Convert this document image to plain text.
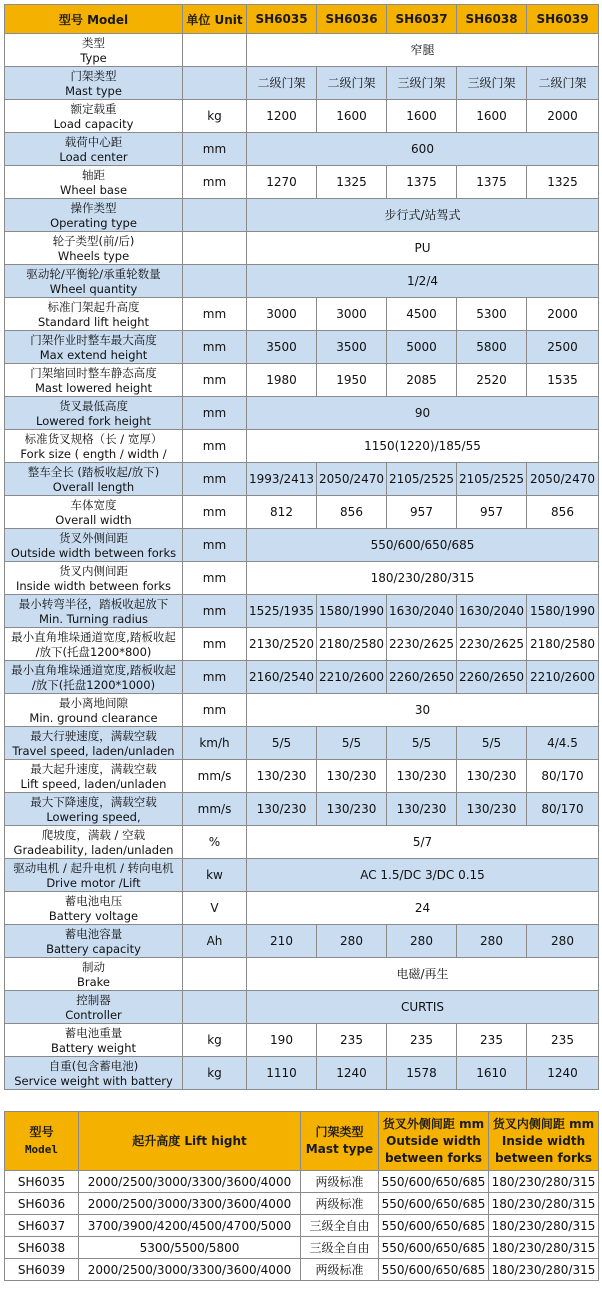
型号 Model	单位 Unit	SH6035	SH6036	SH6037	SH6038	SH6039

类型
Type		窄腿				

门架类型
Mast type		二级门架	二级门架	三级门架	三级门架	二级门架

额定载重
Load capacity	kg	1200	1600	1600	1600	2000

载荷中心距
Load center	mm	600				

轴距
Wheel base	mm	1270	1325	1375	1375	1325

操作类型
Operating type		步行式/站驾式				

轮子类型(前/后)
Wheels type		PU				

驱动轮/平衡轮/承重轮数量
Wheel quantity		1/2/4				

标准门架起升高度
Standard lift height	mm	3000	3000	4500	5300	2000

门架作业时整车最大高度
Max extend height	mm	3500	3500	5000	5800	2500

门架缩回时整车静态高度
Mast lowered height	mm	1980	1950	2085	2520	1535

货叉最低高度
Lowered fork height	mm	90				

标准货叉规格（长 / 宽厚）
Fork size ( ength / width /	mm	1150(1220)/185/55				

整车全长 (踏板收起/放下)
Overall length	mm	1993/2413	2050/2470	2105/2525	2105/2525	2050/2470

车体宽度
Overall width	mm	812	856	957	957	856

货叉外侧间距
Outside width between forks	mm	550/600/650/685				

货叉内侧间距
Inside width between forks	mm	180/230/280/315				

最小转弯半径，踏板收起放下
Min. Turning radius	mm	1525/1935	1580/1990	1630/2040	1630/2040	1580/1990

最小直角堆垛通道宽度,踏板收起
/放下(托盘1200*800)	mm	2130/2520	2180/2580	2230/2625	2230/2625	2180/2580

最小直角堆垛通道宽度,踏板收起
/放下(托盘1200*1000)	mm	2160/2540	2210/2600	2260/2650	2260/2650	2210/2600

最小离地间隙
Min. ground clearance	mm	30				

最大行驶速度，满载空载
Travel speed, laden/unladen	km/h	5/5	5/5	5/5	5/5	4/4.5

最大起升速度，满载空载
Lift speed, laden/unladen	mm/s	130/230	130/230	130/230	130/230	80/170

最大下降速度，满载空载
Lowering speed,	mm/s	130/230	130/230	130/230	130/230	80/170

爬坡度，满载 / 空载
Gradeability, laden/unladen	%	5/7				

驱动电机 / 起升电机 / 转向电机
Drive motor /Lift	kw	AC 1.5/DC 3/DC 0.15				

蓄电池电压
Battery voltage	V	24				

蓄电池容量
Battery capacity	Ah	210	280	280	280	280

制动
Brake		电磁/再生				

控制器
Controller		CURTIS				

蓄电池重量
Battery weight	kg	190	235	235	235	235

自重(包含蓄电池)
Service weight with battery	kg	1110	1240	1578	1610	1240
型号
Model	起升高度 Lift hight	门架类型
Mast type	货叉外侧间距 mm
Outside width
between forks	货叉内侧间距 mm
Inside width
between forks

SH6035	2000/2500/3000/3300/3600/4000	两级标准	550/600/650/685	180/230/280/315
SH6036	2000/2500/3000/3300/3600/4000	两级标准	550/600/650/685	180/230/280/315
SH6037	3700/3900/4200/4500/4700/5000	三级全自由	550/600/650/685	180/230/280/315
SH6038	5300/5500/5800	三级全自由	550/600/650/685	180/230/280/315
SH6039	2000/2500/3000/3300/3600/4000	两级标准	550/600/650/685	180/230/280/315
